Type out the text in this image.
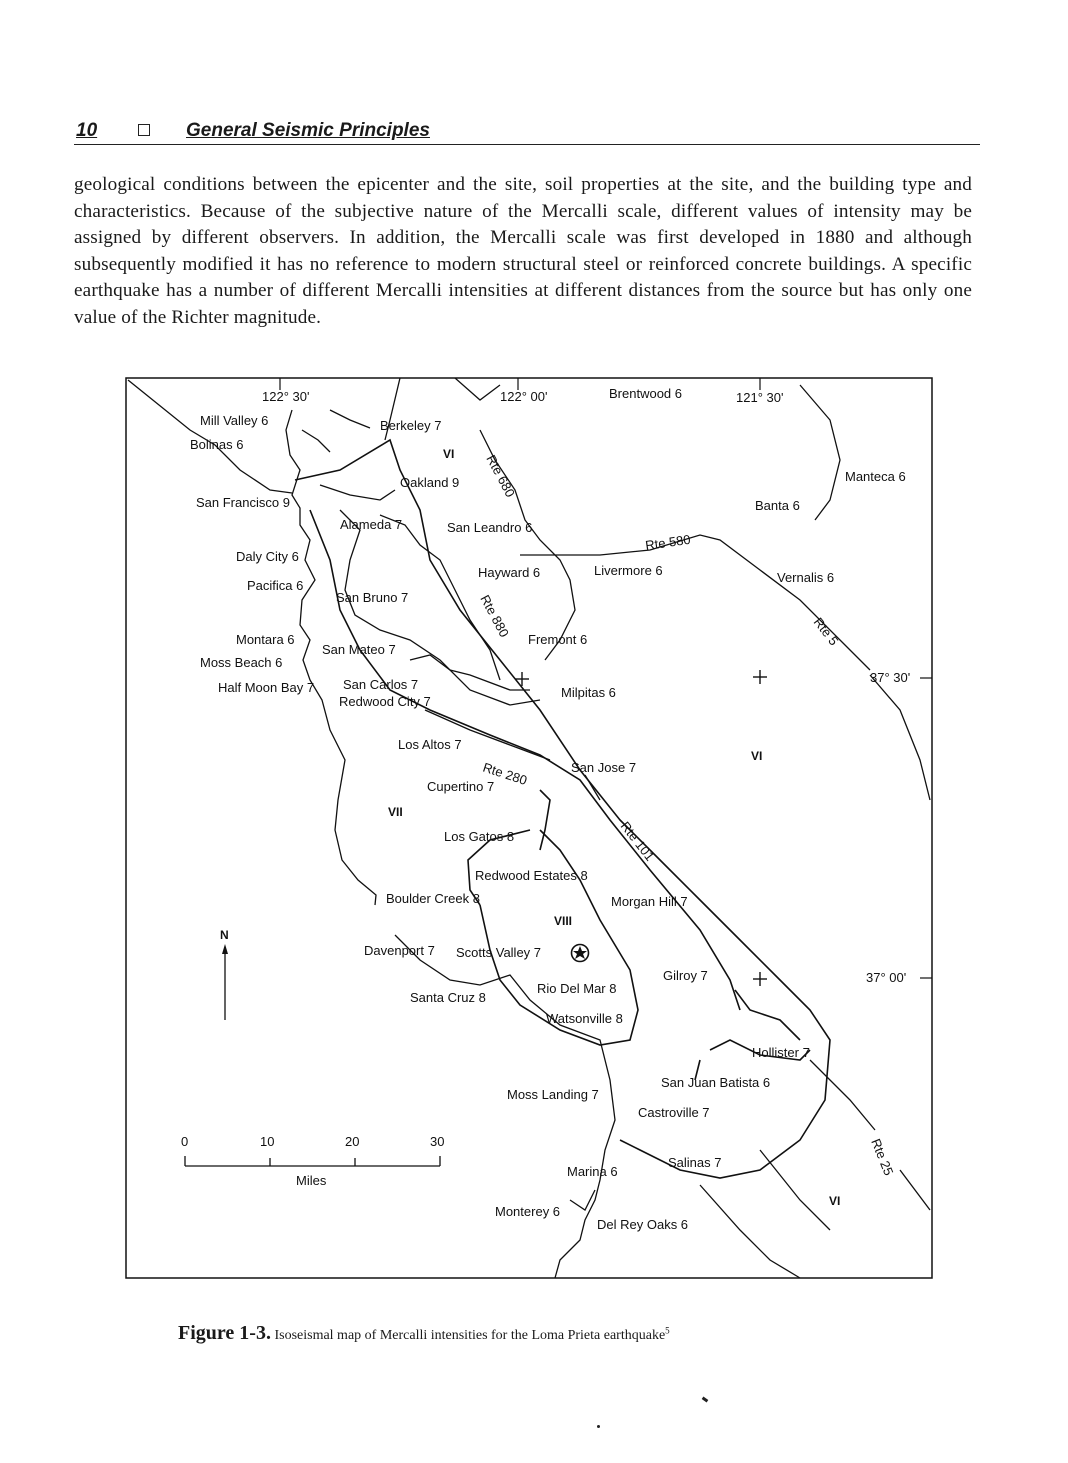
10	General Seismic Principles
geological conditions between the epicenter and the site, soil properties at the site, and the building type and characteristics. Because of the subjective nature of the Mercalli scale, different values of intensity may be assigned by different observers. In addition, the Mercalli scale was first developed in 1880 and although subsequently modified it has no reference to modern structural steel or reinforced concrete buildings. A specific earthquake has a number of different Mercalli intensities at different distances from the source but has only one value of the Richter magnitude.
122° 30'	122° 00'	121° 30'
37° 30'
37° 00'
VI
VI
VI
VII
VIII
Mill Valley 6
Bolinas 6
Berkeley 7
Oakland 9
San Francisco 9
Alameda 7	San Leandro 6
Daly City 6
Pacifica 6
San Bruno 7
Hayward 6	Livermore 6
Montara 6
Moss Beach 6
San Mateo 7
Fremont 6
Half Moon Bay 7 San Carlos 7
Redwood City 7
Milpitas 6
Los Altos 7
San Jose 7
Cupertino 7
Los Gatos 8
Redwood Estates 8
Boulder Creek 8	Morgan Hill 7
Davenport 7 Scotts Valley 7
Gilroy 7
Rio Del Mar 8
Santa Cruz 8
Watsonville 8
Hollister 7
San Juan Batista 6
Moss Landing 7
Castroville 7
Salinas 7
Marina 6
Monterey 6
Del Rey Oaks 6
Brentwood 6
Manteca 6
Banta 6
Vernalis 6
Rte 680
Rte 580
Rte 880	Rte 5
Rte 280
Rte 101
Rte 25
N
0	10	20	30
Miles
Figure 1-3. Isoseismal map of Mercalli intensities for the Loma Prieta earthquake$^5$
